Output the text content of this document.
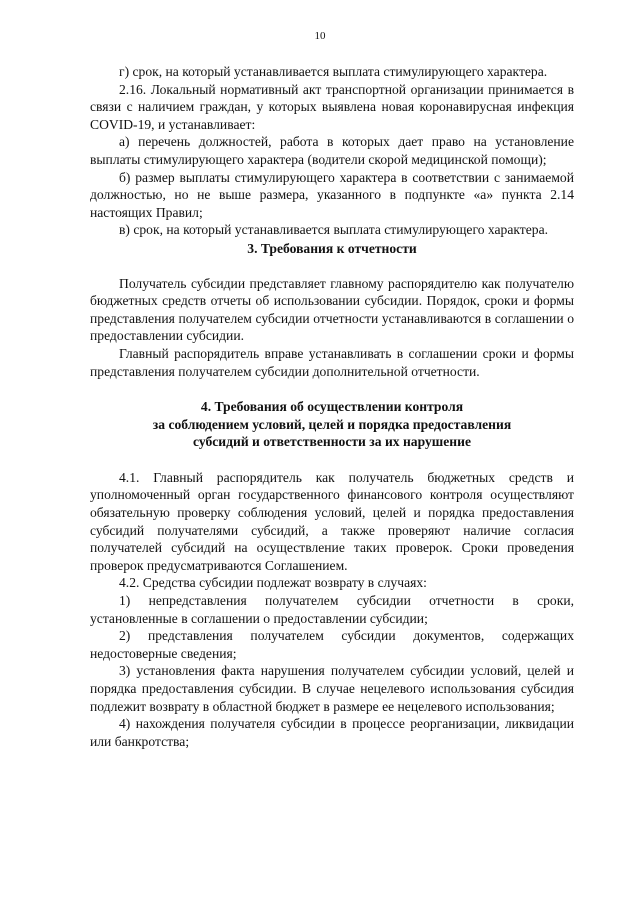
10

г) срок, на который устанавливается выплата стимулирующего характера.

2.16. Локальный нормативный акт транспортной организации принимается в связи с наличием граждан, у которых выявлена новая коронавирусная инфекция COVID-19, и устанавливает:

а) перечень должностей, работа в которых дает право на установление выплаты стимулирующего характера (водители скорой медицинской помощи);

б) размер выплаты стимулирующего характера в соответствии с занимаемой должностью, но не выше размера, указанного в подпункте «а» пункта 2.14 настоящих Правил;

в) срок, на который устанавливается выплата стимулирующего характера.

3. Требования к отчетности

Получатель субсидии представляет главному распорядителю как получателю бюджетных средств отчеты об использовании субсидии. Порядок, сроки и формы представления получателем субсидии отчетности устанавливаются в соглашении о предоставлении субсидии.

Главный распорядитель вправе устанавливать в соглашении сроки и формы представления получателем субсидии дополнительной отчетности.

4. Требования об осуществлении контроля
за соблюдением условий, целей и порядка предоставления
субсидий и ответственности за их нарушение

4.1. Главный распорядитель как получатель бюджетных средств и уполномоченный орган государственного финансового контроля осуществляют обязательную проверку соблюдения условий, целей и порядка предоставления субсидий получателями субсидий, а также проверяют наличие согласия получателей субсидий на осуществление таких проверок. Сроки проведения проверок предусматриваются Соглашением.

4.2. Средства субсидии подлежат возврату в случаях:

1) непредставления получателем субсидии отчетности в сроки, установленные в соглашении о предоставлении субсидии;

2) представления получателем субсидии документов, содержащих недостоверные сведения;

3) установления факта нарушения получателем субсидии условий, целей и порядка предоставления субсидии. В случае нецелевого использования субсидия подлежит возврату в областной бюджет в размере ее нецелевого использования;

4) нахождения получателя субсидии в процессе реорганизации, ликвидации или банкротства;
